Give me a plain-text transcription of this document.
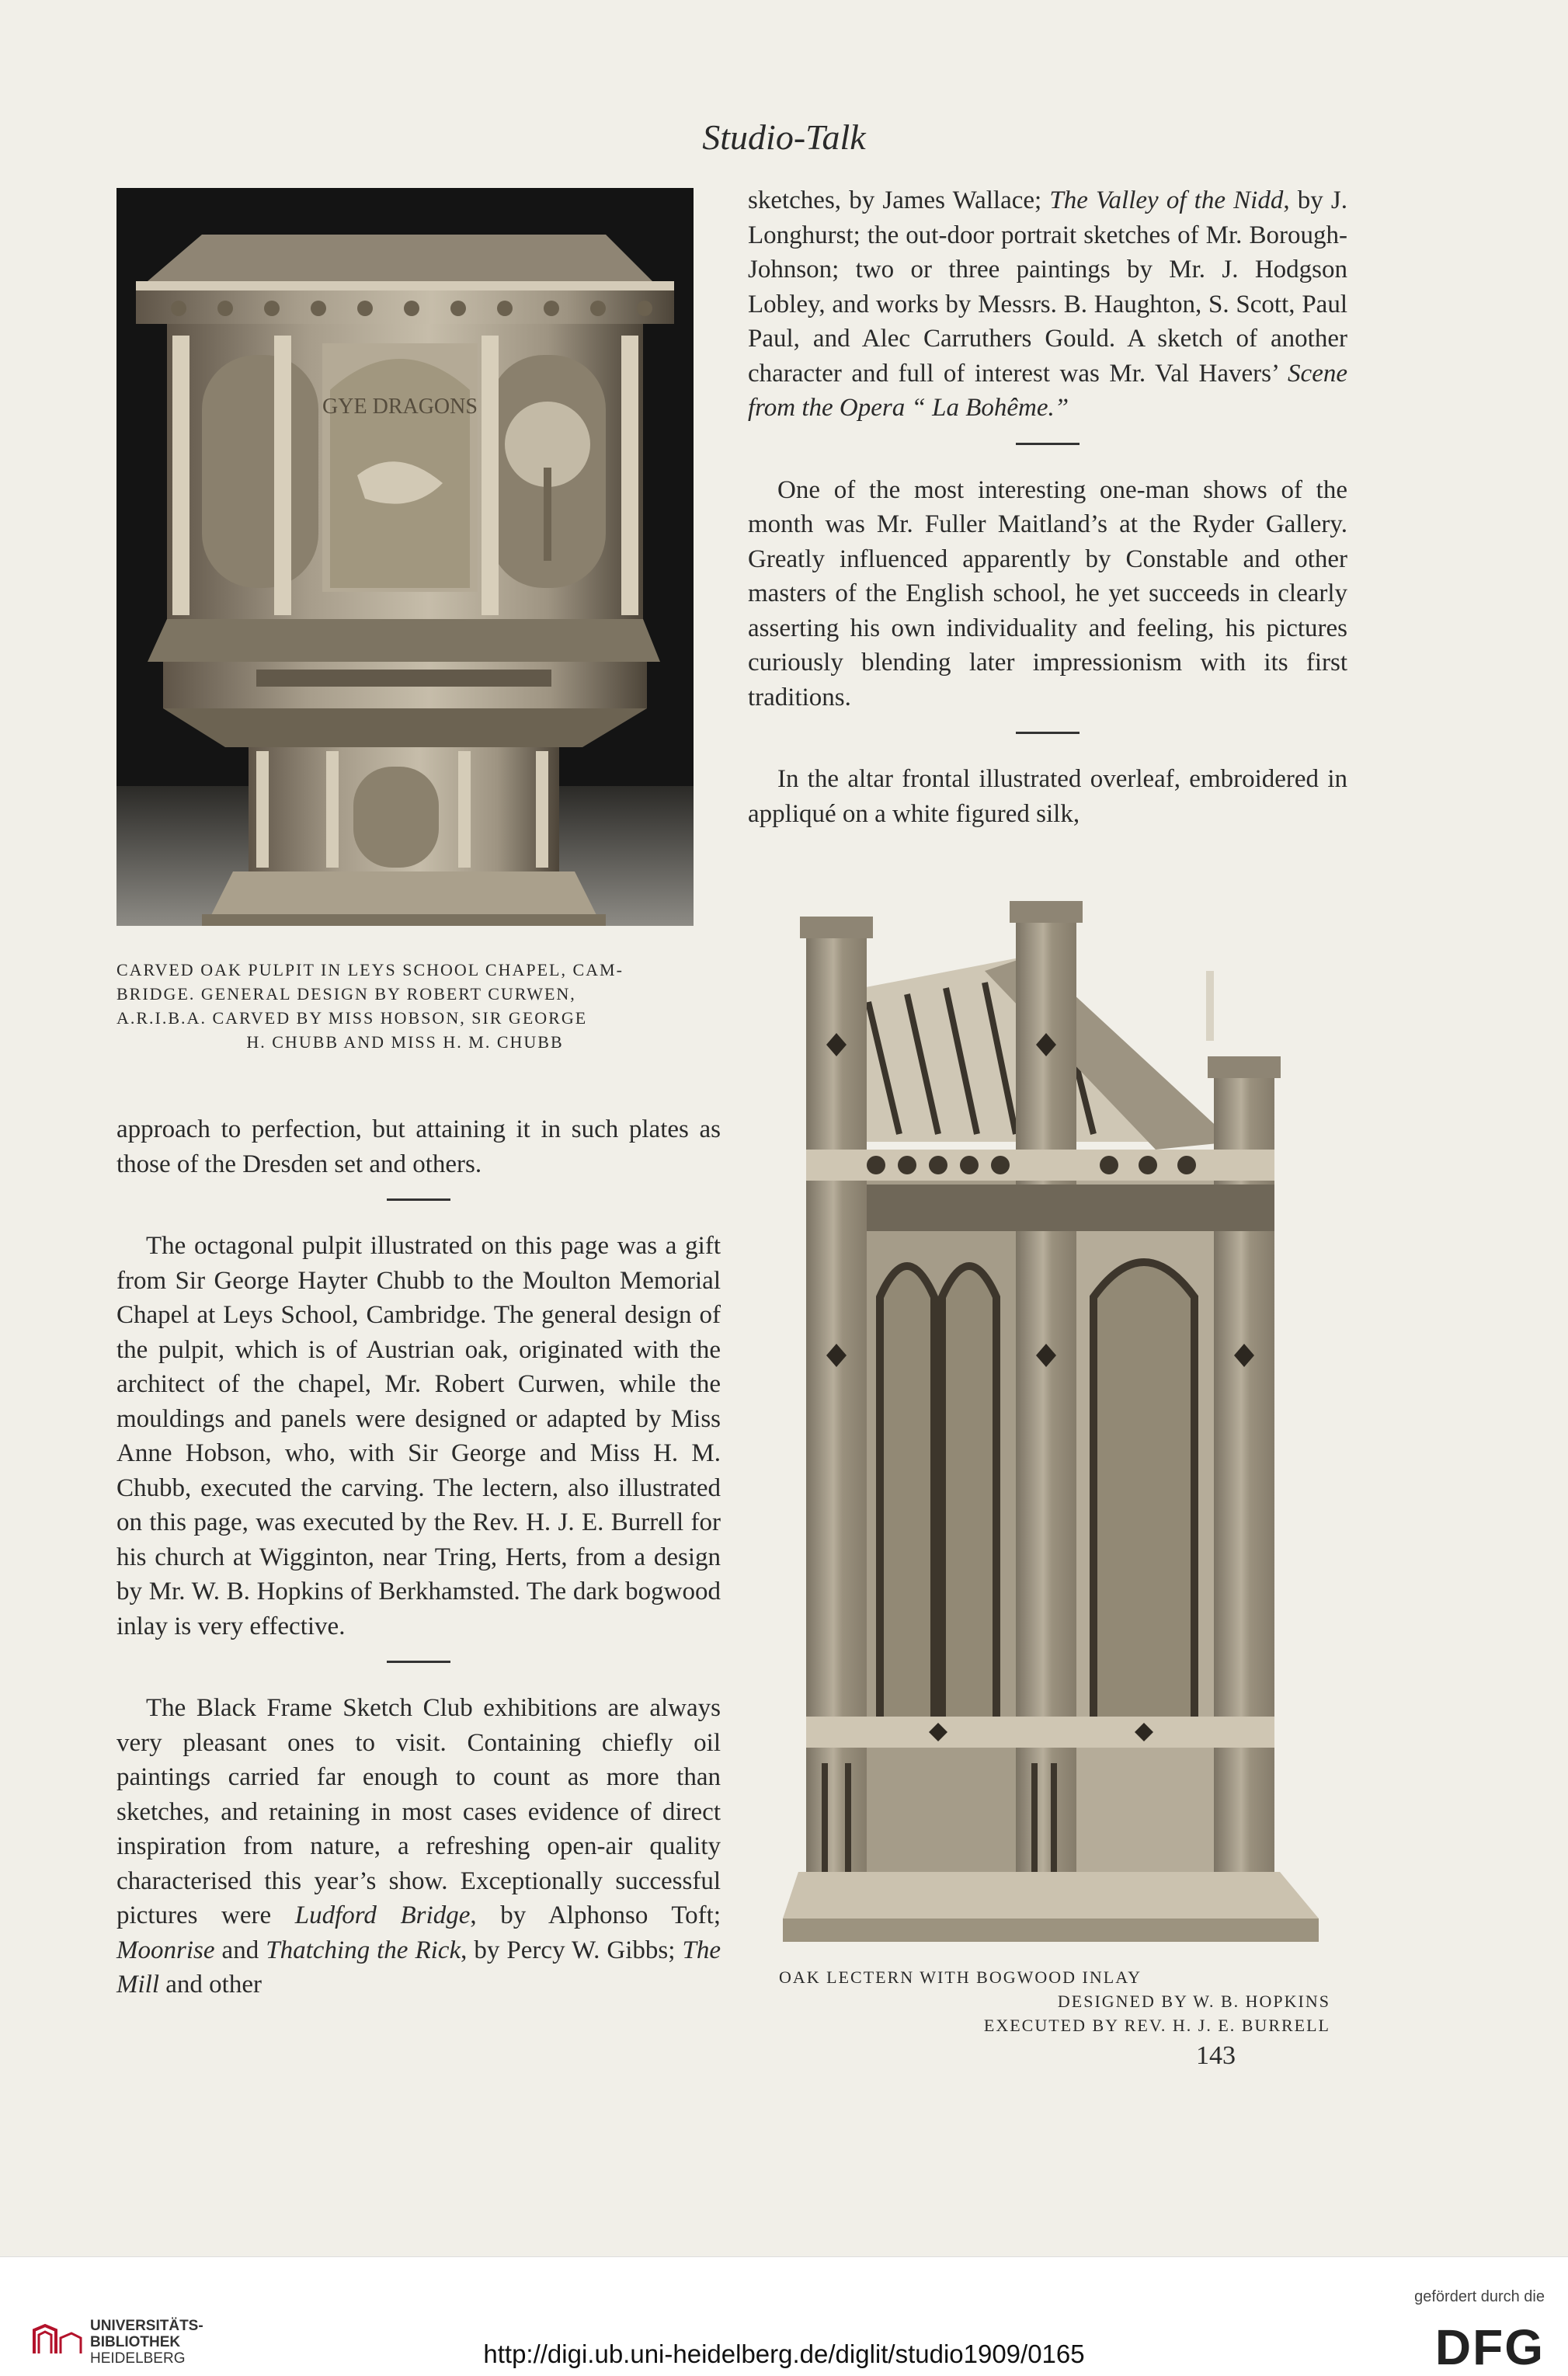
Studio-Talk
GYE DRAGONS
CARVED OAK PULPIT IN LEYS SCHOOL CHAPEL, CAM-
BRIDGE. GENERAL DESIGN BY ROBERT CURWEN,
A.R.I.B.A. CARVED BY MISS HOBSON, SIR GEORGE
H. CHUBB AND MISS H. M. CHUBB

sketches, by James Wallace; The Valley of the Nidd, by J. Longhurst; the out-door portrait sketches of Mr. Borough-Johnson; two or three paintings by Mr. J. Hodgson Lobley, and works by Messrs. B. Haughton, S. Scott, Paul Paul, and Alec Carruthers Gould. A sketch of another character and full of interest was Mr. Val Havers’ Scene from the Opera “ La Bohême.”

One of the most interesting one-man shows of the month was Mr. Fuller Maitland’s at the Ryder Gallery. Greatly influenced apparently by Constable and other masters of the English school, he yet succeeds in clearly asserting his own individuality and feeling, his pictures curiously blending later impressionism with its first traditions.

In the altar frontal illustrated overleaf, embroidered in appliqué on a white figured silk,

OAK LECTERN WITH BOGWOOD INLAY
DESIGNED BY W. B. HOPKINS
EXECUTED BY REV. H. J. E. BURRELL

approach to perfection, but attaining it in such plates as those of the Dresden set and others.

The octagonal pulpit illustrated on this page was a gift from Sir George Hayter Chubb to the Moulton Memorial Chapel at Leys School, Cambridge. The general design of the pulpit, which is of Austrian oak, originated with the architect of the chapel, Mr. Robert Curwen, while the mouldings and panels were designed or adapted by Miss Anne Hobson, who, with Sir George and Miss H. M. Chubb, executed the carving. The lectern, also illustrated on this page, was executed by the Rev. H. J. E. Burrell for his church at Wigginton, near Tring, Herts, from a design by Mr. W. B. Hopkins of Berkhamsted. The dark bogwood inlay is very effective.

The Black Frame Sketch Club exhibitions are always very pleasant ones to visit. Containing chiefly oil paintings carried far enough to count as more than sketches, and retaining in most cases evidence of direct inspiration from nature, a refreshing open-air quality characterised this year’s show. Exceptionally successful pictures were Ludford Bridge, by Alphonso Toft; Moonrise and Thatching the Rick, by Percy W. Gibbs; The Mill and other

143
UNIVERSITÄTS-
BIBLIOTHEK
HEIDELBERG	http://digi.ub.uni-heidelberg.de/diglit/studio1909/0165
gefördert durch die
DFG
